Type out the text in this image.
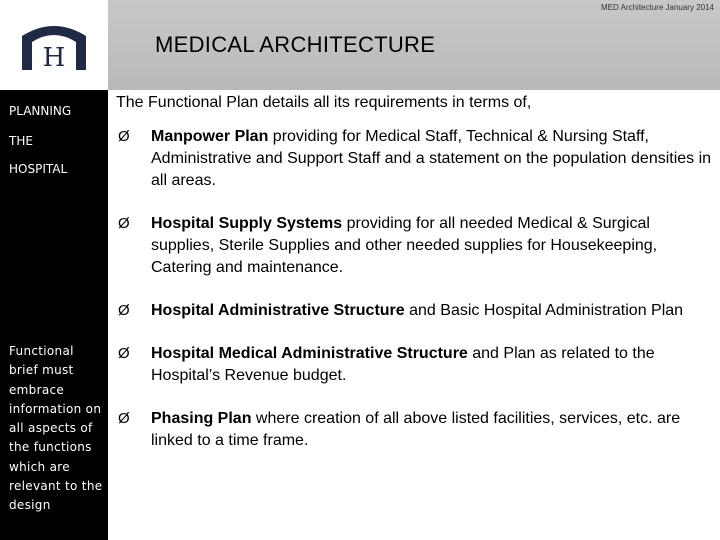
H
MED Architecture January 2014
MEDICAL ARCHITECTURE
PLANNING
THE
HOSPITAL
Functional brief must embrace information on all aspects of the functions which are relevant to the design

The Functional Plan details all its requirements in terms of,

Ø Manpower Plan providing for Medical Staff, Technical & Nursing Staff, Administrative and Support Staff and a statement on the population densities in all areas.
Ø Hospital Supply Systems providing for all needed Medical & Surgical supplies, Sterile Supplies and other needed supplies for Housekeeping, Catering and maintenance.
Ø Hospital Administrative Structure and Basic Hospital Administration Plan
Ø Hospital Medical Administrative Structure and Plan as related to the Hospital’s Revenue budget.
Ø Phasing Plan where creation of all above listed facilities, services, etc. are linked to a time frame.
